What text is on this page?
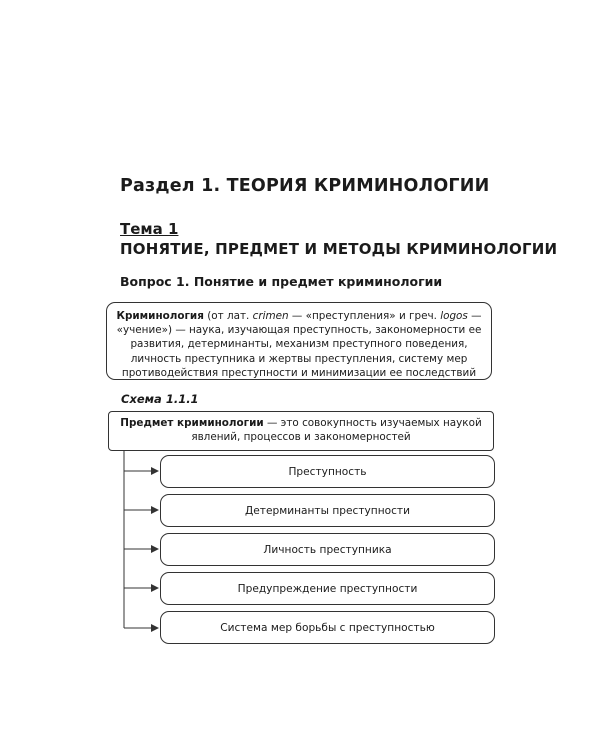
Раздел 1. ТЕОРИЯ КРИМИНОЛОГИИ
Тема 1
ПОНЯТИЕ, ПРЕДМЕТ И МЕТОДЫ КРИМИНОЛОГИИ
Вопрос 1. Понятие и предмет криминологии
Криминология (от лат. crimen — «преступления» и греч. logos — «учение») — наука, изучающая преступность, закономерности ее развития, детерминанты, механизм преступного поведения, личность преступника и жертвы преступления, систему мер противодействия преступности и минимизации ее последствий

Схема 1.1.1

Предмет криминологии — это совокупность изучаемых наукой явлений, процессов и закономерностей
Преступность
Детерминанты преступности
Личность преступника
Предупреждение преступности
Система мер борьбы с преступностью
